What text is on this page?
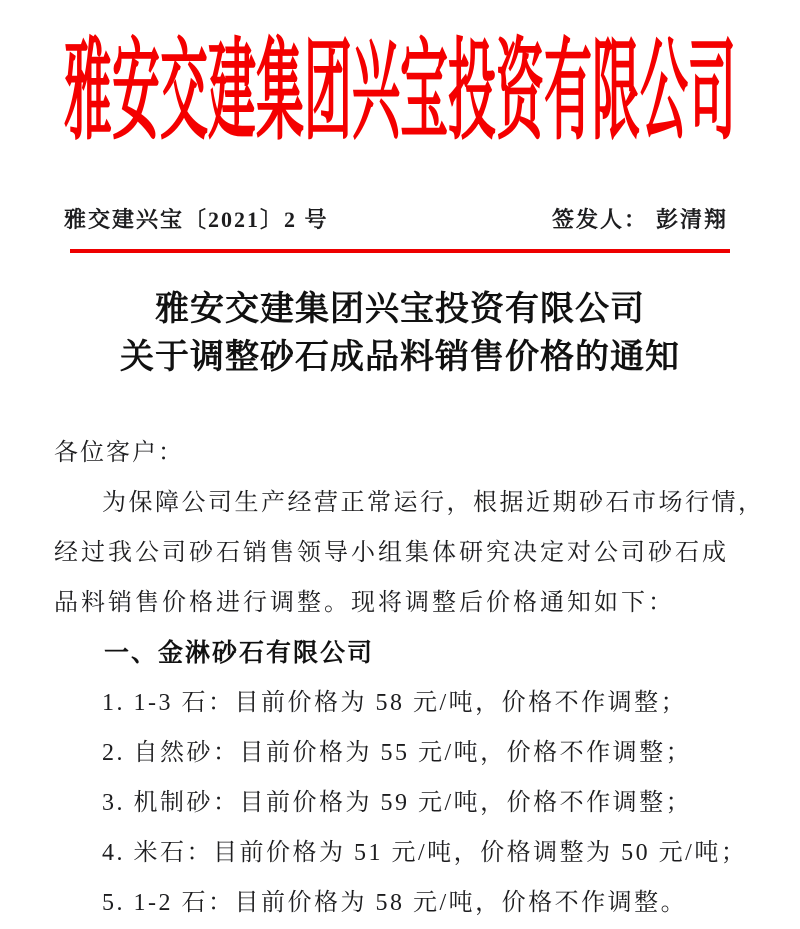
雅安交建集团兴宝投资有限公司
雅交建兴宝〔2021〕2 号	签发人： 彭清翔
雅安交建集团兴宝投资有限公司
关于调整砂石成品料销售价格的通知
各位客户：
为保障公司生产经营正常运行，根据近期砂石市场行情，
经过我公司砂石销售领导小组集体研究决定对公司砂石成
品料销售价格进行调整。现将调整后价格通知如下：
一、金淋砂石有限公司
1. 1-3 石：目前价格为 58 元/吨，价格不作调整；
2. 自然砂：目前价格为 55 元/吨，价格不作调整；
3. 机制砂：目前价格为 59 元/吨，价格不作调整；
4. 米石：目前价格为 51 元/吨，价格调整为 50 元/吨；
5. 1-2 石：目前价格为 58 元/吨，价格不作调整。
